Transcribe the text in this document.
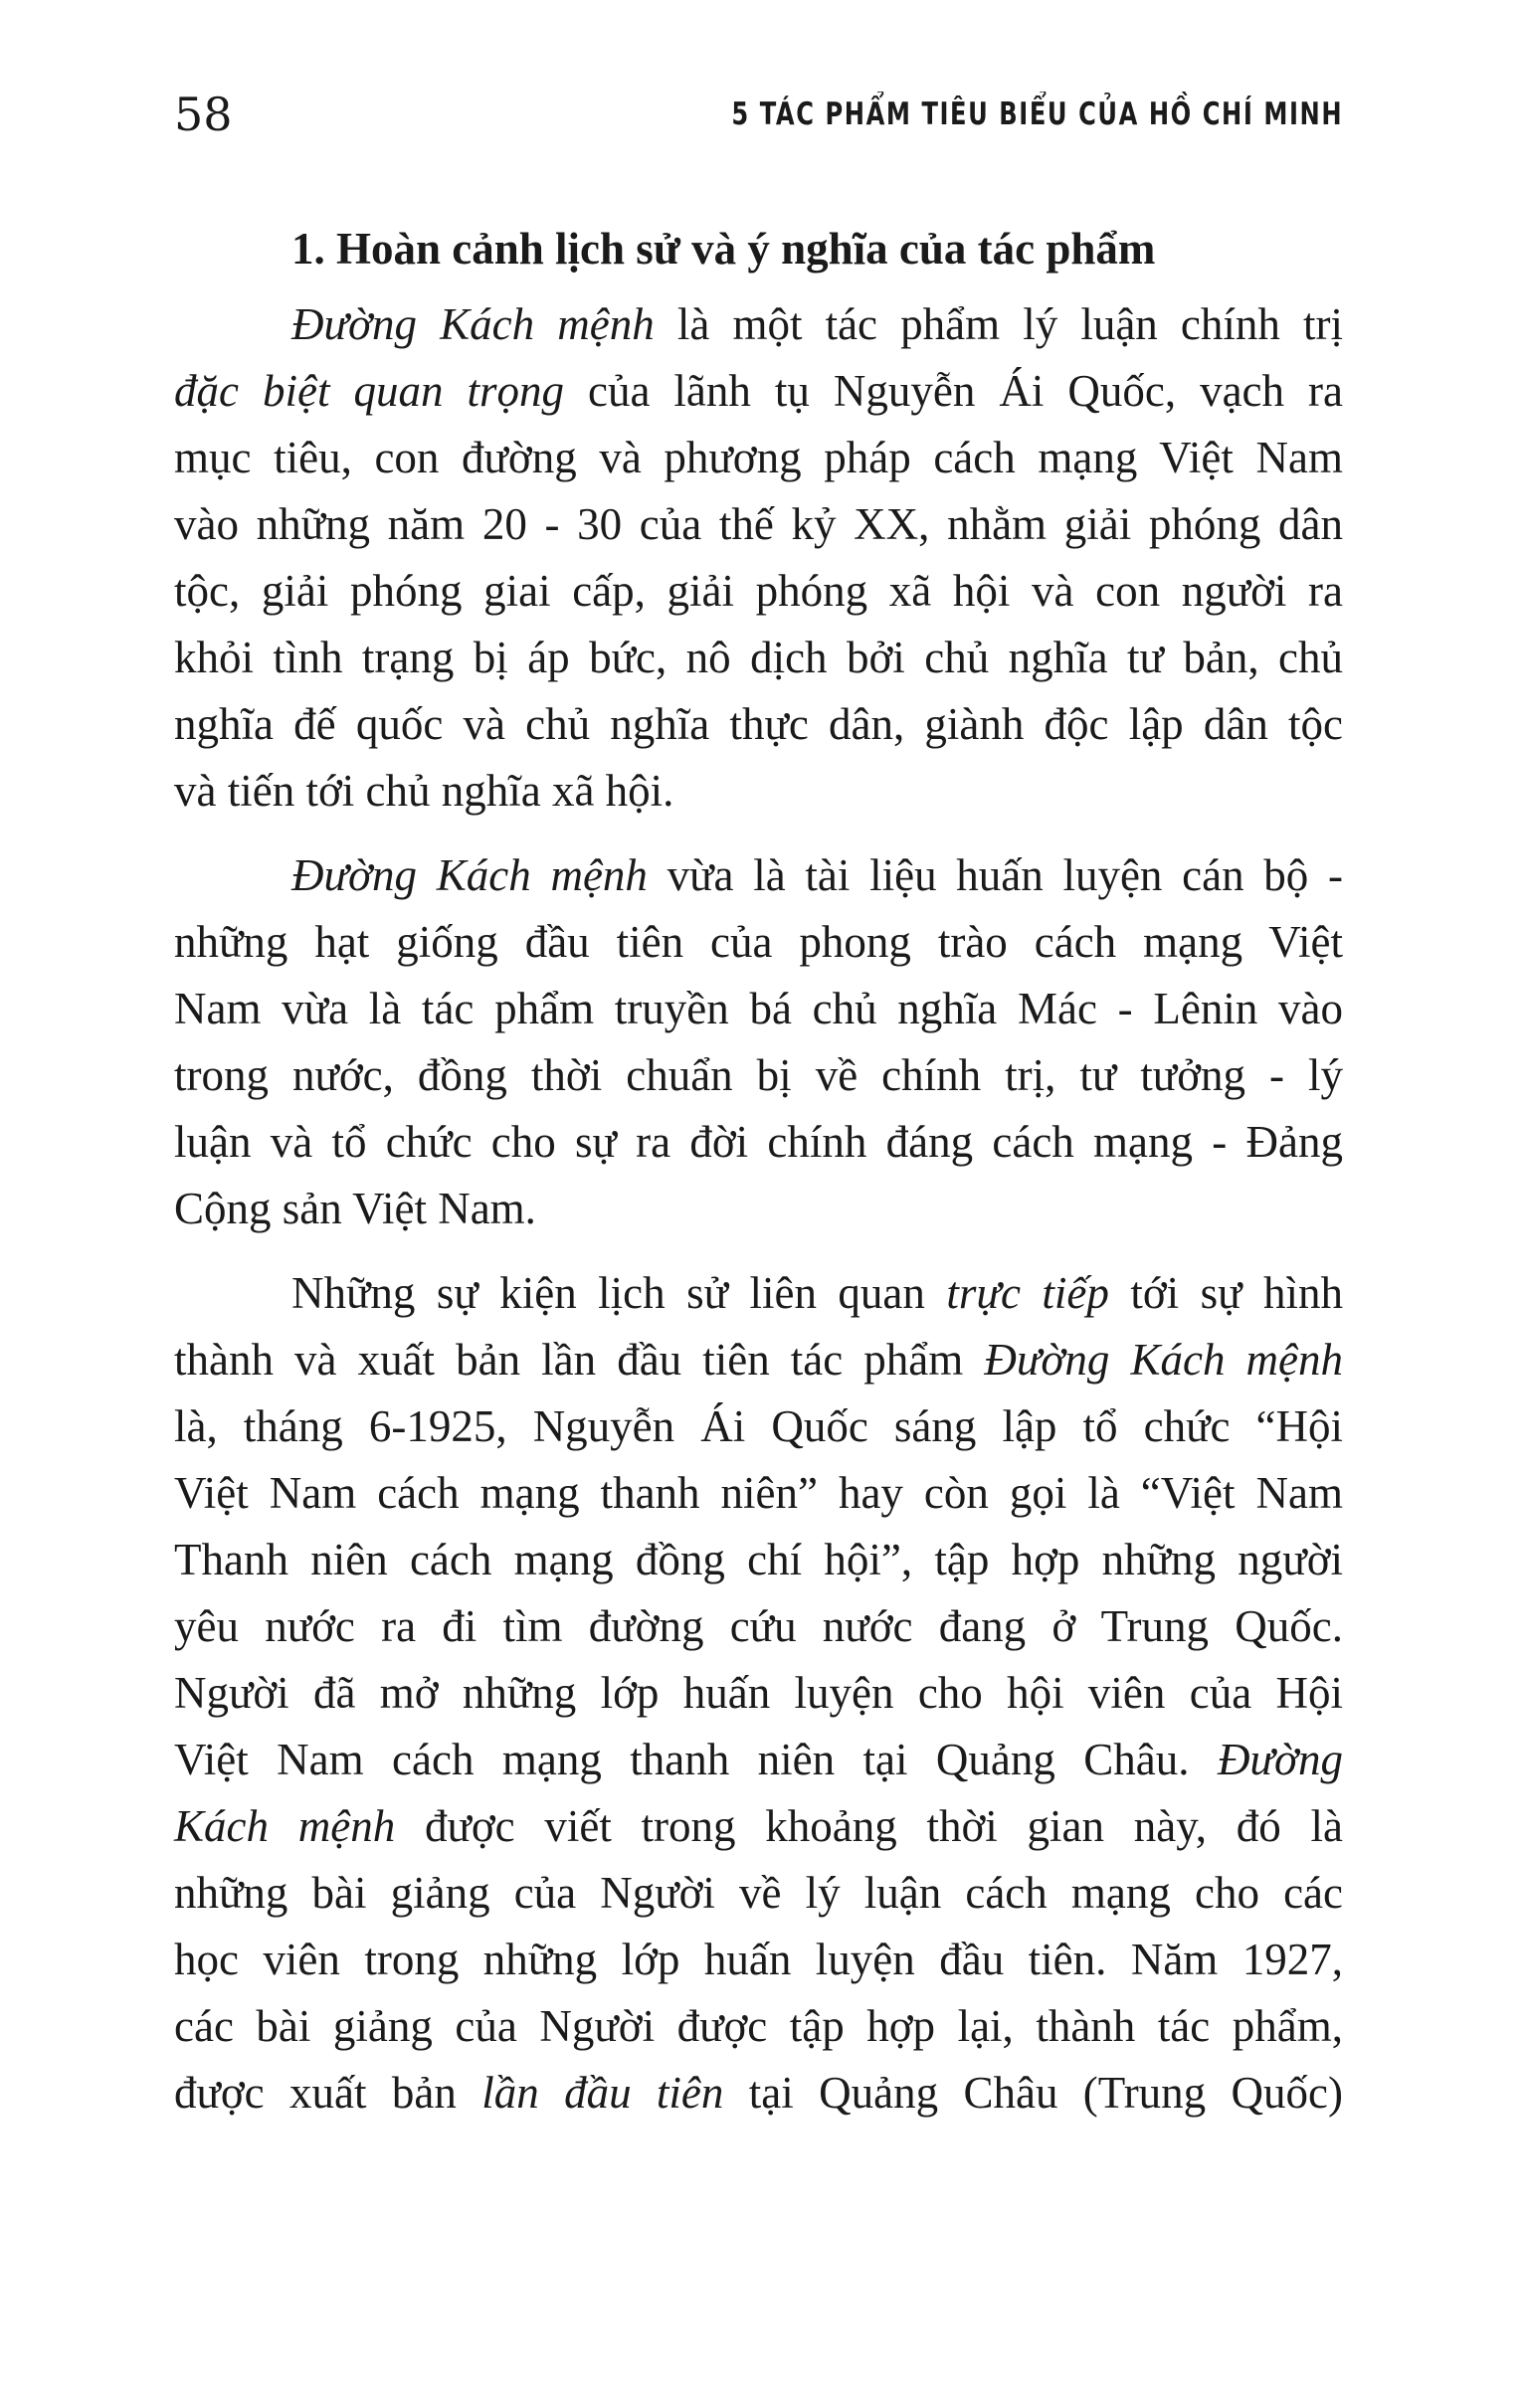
58	5 TÁC PHẨM TIÊU BIỂU CỦA HỒ CHÍ MINH
1. Hoàn cảnh lịch sử và ý nghĩa của tác phẩm
Đường Kách mệnh là một tác phẩm lý luận chính trị
đặc biệt quan trọng của lãnh tụ Nguyễn Ái Quốc, vạch ra
mục tiêu, con đường và phương pháp cách mạng Việt Nam
vào những năm 20 - 30 của thế kỷ XX, nhằm giải phóng dân
tộc, giải phóng giai cấp, giải phóng xã hội và con người ra
khỏi tình trạng bị áp bức, nô dịch bởi chủ nghĩa tư bản, chủ
nghĩa đế quốc và chủ nghĩa thực dân, giành độc lập dân tộc
và tiến tới chủ nghĩa xã hội.
Đường Kách mệnh vừa là tài liệu huấn luyện cán bộ -
những hạt giống đầu tiên của phong trào cách mạng Việt
Nam vừa là tác phẩm truyền bá chủ nghĩa Mác - Lênin vào
trong nước, đồng thời chuẩn bị về chính trị, tư tưởng - lý
luận và tổ chức cho sự ra đời chính đáng cách mạng - Đảng
Cộng sản Việt Nam.
Những sự kiện lịch sử liên quan trực tiếp tới sự hình
thành và xuất bản lần đầu tiên tác phẩm Đường Kách mệnh
là, tháng 6-1925, Nguyễn Ái Quốc sáng lập tổ chức “Hội
Việt Nam cách mạng thanh niên” hay còn gọi là “Việt Nam
Thanh niên cách mạng đồng chí hội”, tập hợp những người
yêu nước ra đi tìm đường cứu nước đang ở Trung Quốc.
Người đã mở những lớp huấn luyện cho hội viên của Hội
Việt Nam cách mạng thanh niên tại Quảng Châu. Đường
Kách mệnh được viết trong khoảng thời gian này, đó là
những bài giảng của Người về lý luận cách mạng cho các
học viên trong những lớp huấn luyện đầu tiên. Năm 1927,
các bài giảng của Người được tập hợp lại, thành tác phẩm,
được xuất bản lần đầu tiên tại Quảng Châu (Trung Quốc)
